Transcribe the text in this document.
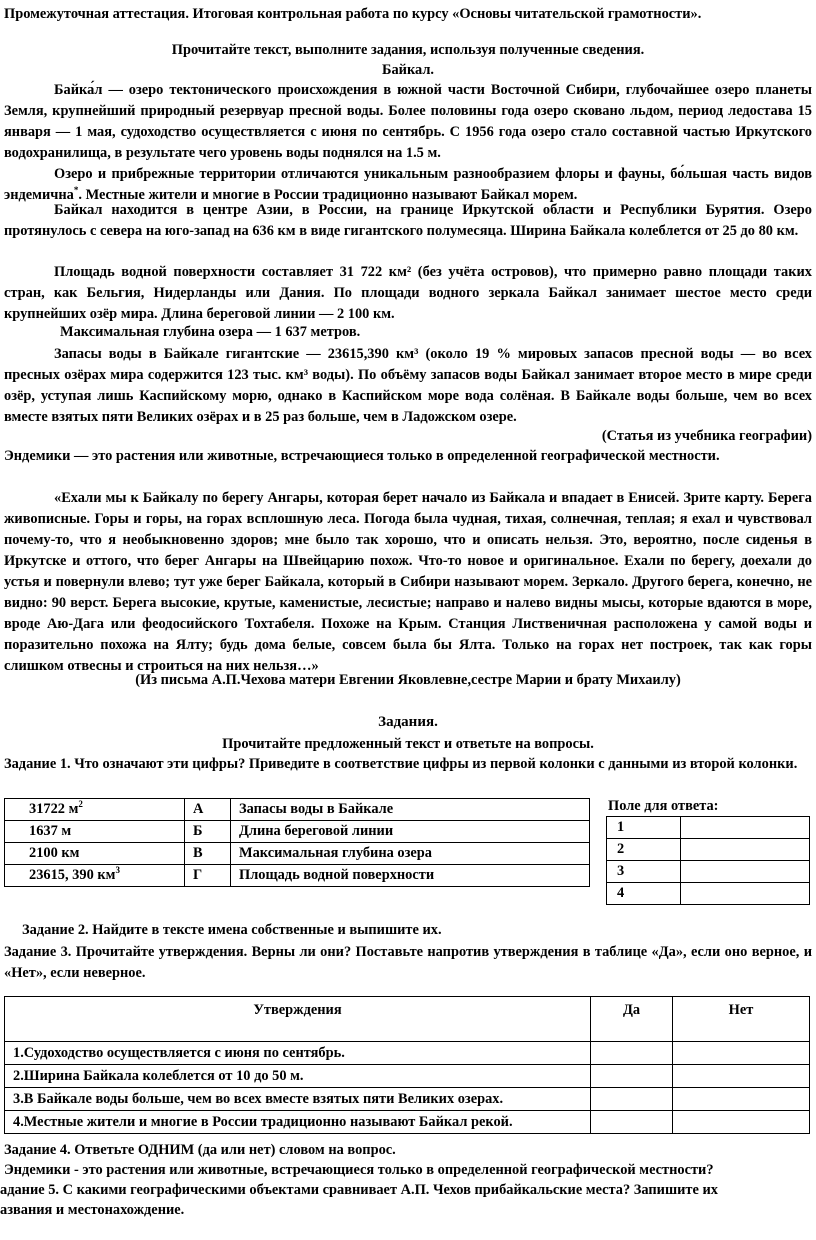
Промежуточная аттестация. Итоговая контрольная работа по курсу «Основы читательской грамотности».

Прочитайте текст, выполните задания, используя полученные сведения.

Байкал.

Байка́л — озеро тектонического происхождения в южной части Восточной Сибири, глубочайшее озеро планеты Земля, крупнейший природный резервуар пресной воды. Более половины года озеро сковано льдом, период ледостава 15 января — 1 мая, судоходство осуществляется с июня по сентябрь. С 1956 года озеро стало составной частью Иркутского водохранилища, в результате чего уровень воды поднялся на 1.5 м.

Озеро и прибрежные территории отличаются уникальным разнообразием флоры и фауны, бо́льшая часть видов эндемична*. Местные жители и многие в России традиционно называют Байкал морем.

Байкал находится в центре Азии, в России, на границе Иркутской области и Республики Бурятия. Озеро протянулось с севера на юго-запад на 636 км в виде гигантского полумесяца. Ширина Байкала колеблется от 25 до 80 км.

Площадь водной поверхности составляет 31 722 км² (без учёта островов), что примерно равно площади таких стран, как Бельгия, Нидерланды или Дания. По площади водного зеркала Байкал занимает шестое место среди крупнейших озёр мира. Длина береговой линии — 2 100 км.

Максимальная глубина озера — 1 637 метров.

Запасы воды в Байкале гигантские — 23615,390 км³ (около 19 % мировых запасов пресной воды — во всех пресных озёрах мира содержится 123 тыс. км³ воды). По объёму запасов воды Байкал занимает второе место в мире среди озёр, уступая лишь Каспийскому морю, однако в Каспийском море вода солёная. В Байкале воды больше, чем во всех вместе взятых пяти Великих озёрах и в 25 раз больше, чем в Ладожском озере.

(Статья из учебника географии)

Эндемики — это растения или животные, встречающиеся только в определенной географической местности.

«Ехали мы к Байкалу по берегу Ангары, которая берет начало из Байкала и впадает в Енисей. Зрите карту. Берега живописные. Горы и горы, на горах всплошную леса. Погода была чудная, тихая, солнечная, теплая; я ехал и чувствовал почему-то, что я необыкновенно здоров; мне было так хорошо, что и описать нельзя. Это, вероятно, после сиденья в Иркутске и оттого, что берег Ангары на Швейцарию похож. Что-то новое и оригинальное. Ехали по берегу, доехали до устья и повернули влево; тут уже берег Байкала, который в Сибири называют морем. Зеркало. Другого берега, конечно, не видно: 90 верст. Берега высокие, крутые, каменистые, лесистые; направо и налево видны мысы, которые вдаются в море, вроде Аю-Дага или феодосийского Тохтабеля. Похоже на Крым. Станция Лиственичная расположена у самой воды и поразительно похожа на Ялту; будь дома белые, совсем была бы Ялта. Только на горах нет построек, так как горы слишком отвесны и строиться на них нельзя…»

(Из письма А.П.Чехова матери Евгении Яковлевне,сестре Марии и брату Михаилу)

Задания.

Прочитайте предложенный текст и ответьте на вопросы.

Задание 1. Что означают эти цифры? Приведите в соответствие цифры из первой колонки с данными из второй колонки.

31722 $м^2$	А	Запасы воды в Байкале
1637 м	Б	Длина береговой линии
2100 км	В	Максимальная глубина озера
23615, 390 $км^3$	Г	Площадь водной поверхности
Поле для ответа:
1	
2	
3	
4	

Задание 2. Найдите в тексте имена собственные и выпишите их.

Задание 3. Прочитайте утверждения. Верны ли они? Поставьте напротив утверждения в таблице «Да», если оно верное, и «Нет», если неверное.

Утверждения	Да	Нет
1.Судоходство осуществляется с июня по сентябрь.		
2.Ширина Байкала колеблется от 10 до 50 м.		
3.В Байкале воды больше, чем во всех вместе взятых пяти Великих озерах.		
4.Местные жители и многие в России традиционно называют Байкал рекой.		

Задание 4. Ответьте ОДНИМ (да или нет) словом на вопрос.

Эндемики - это растения или животные, встречающиеся только в определенной географической местности?

адание 5. С какими географическими объектами сравнивает А.П. Чехов прибайкальские места? Запишите их

азвания и местонахождение.
